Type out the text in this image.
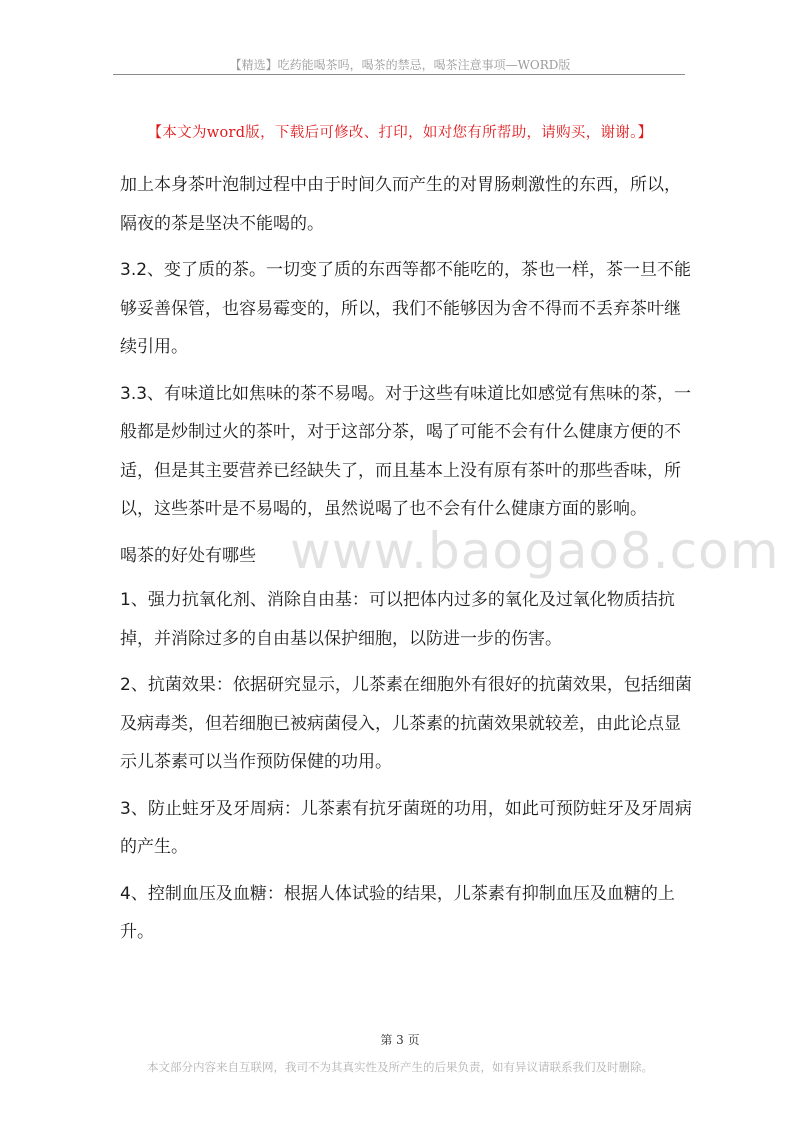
【精选】吃药能喝茶吗，喝茶的禁忌，喝茶注意事项—WORD版
【本文为word版，下载后可修改、打印，如对您有所帮助，请购买，谢谢。】

加上本身茶叶泡制过程中由于时间久而产生的对胃肠刺激性的东西，所以，隔夜的茶是坚决不能喝的。

3.2、变了质的茶。一切变了质的东西等都不能吃的，茶也一样，茶一旦不能够妥善保管，也容易霉变的，所以，我们不能够因为舍不得而不丢弃茶叶继续引用。

3.3、有味道比如焦味的茶不易喝。对于这些有味道比如感觉有焦味的茶，一般都是炒制过火的茶叶，对于这部分茶，喝了可能不会有什么健康方便的不适，但是其主要营养已经缺失了，而且基本上没有原有茶叶的那些香味，所以，这些茶叶是不易喝的，虽然说喝了也不会有什么健康方面的影响。

喝茶的好处有哪些

1、强力抗氧化剂、消除自由基：可以把体内过多的氧化及过氧化物质拮抗掉，并消除过多的自由基以保护细胞，以防进一步的伤害。

2、抗菌效果：依据研究显示，儿茶素在细胞外有很好的抗菌效果，包括细菌及病毒类，但若细胞已被病菌侵入，儿茶素的抗菌效果就较差，由此论点显示儿茶素可以当作预防保健的功用。

3、防止蛀牙及牙周病：儿茶素有抗牙菌斑的功用，如此可预防蛀牙及牙周病的产生。

4、控制血压及血糖：根据人体试验的结果，儿茶素有抑制血压及血糖的上升。

www.baogao8.com
第 3 页
本文部分内容来自互联网，我司不为其真实性及所产生的后果负责，如有异议请联系我们及时删除。
